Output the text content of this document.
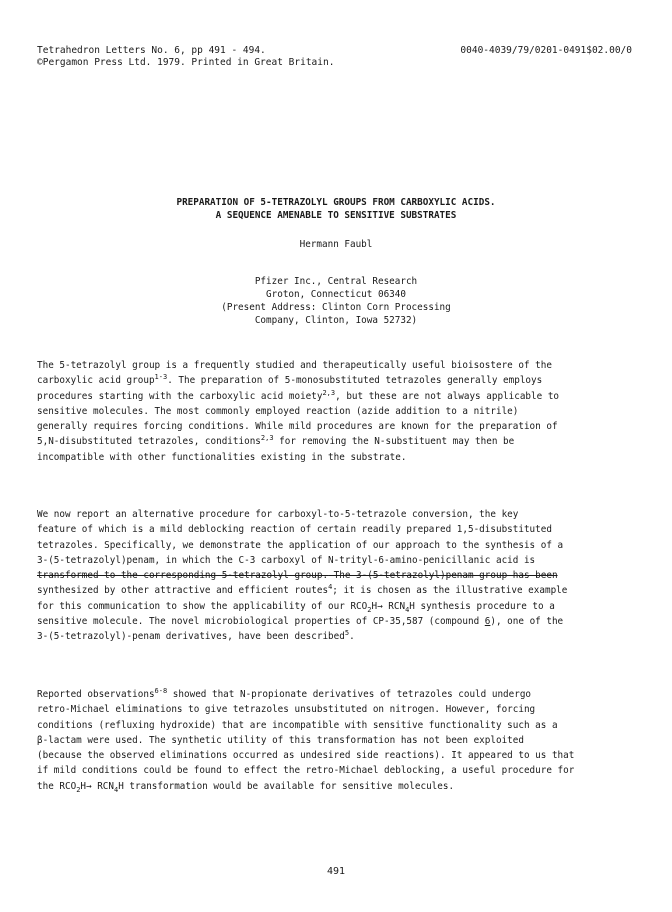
Tetrahedron Letters No. 6, pp 491 - 494.
©Pergamon Press Ltd. 1979. Printed in Great Britain.
0040-4039/79/0201-0491$02.00/0
PREPARATION OF 5-TETRAZOLYL GROUPS FROM CARBOXYLIC ACIDS.
A SEQUENCE AMENABLE TO SENSITIVE SUBSTRATES
Hermann Faubl
Pfizer Inc., Central Research
Groton, Connecticut 06340
(Present Address: Clinton Corn Processing
Company, Clinton, Iowa 52732)
The 5-tetrazolyl group is a frequently studied and therapeutically useful bioisostere of the
carboxylic acid group$^{1-3}$. The preparation of 5-monosubstituted tetrazoles generally employs
procedures starting with the carboxylic acid moiety$^{2,3}$, but these are not always applicable to
sensitive molecules. The most commonly employed reaction (azide addition to a nitrile)
generally requires forcing conditions. While mild procedures are known for the preparation of
5,N-disubstituted tetrazoles, conditions$^{2,3}$ for removing the N-substituent may then be
incompatible with other functionalities existing in the substrate.
We now report an alternative procedure for carboxyl-to-5-tetrazole conversion, the key
feature of which is a mild deblocking reaction of certain readily prepared 1,5-disubstituted
tetrazoles. Specifically, we demonstrate the application of our approach to the synthesis of a
3-(5-tetrazolyl)penam, in which the C-3 carboxyl of N-trityl-6-amino-penicillanic acid is
transformed to the corresponding 5-tetrazolyl group. The 3-(5-tetrazolyl)penam group has been
synthesized by other attractive and efficient routes$^4$; it is chosen as the illustrative example
for this communication to show the applicability of our $RCO_2H\to RCN_4H$ synthesis procedure to a
sensitive molecule. The novel microbiological properties of CP-35,587 (compound 6), one of the
3-(5-tetrazolyl)-penam derivatives, have been described$^5$.
Reported observations$^{6-8}$ showed that N-propionate derivatives of tetrazoles could undergo
retro-Michael eliminations to give tetrazoles unsubstituted on nitrogen. However, forcing
conditions (refluxing hydroxide) that are incompatible with sensitive functionality such as a
β-lactam were used. The synthetic utility of this transformation has not been exploited
(because the observed eliminations occurred as undesired side reactions). It appeared to us that
if mild conditions could be found to effect the retro-Michael deblocking, a useful procedure for
the $RCO_2H\to RCN_4H$ transformation would be available for sensitive molecules.
491
